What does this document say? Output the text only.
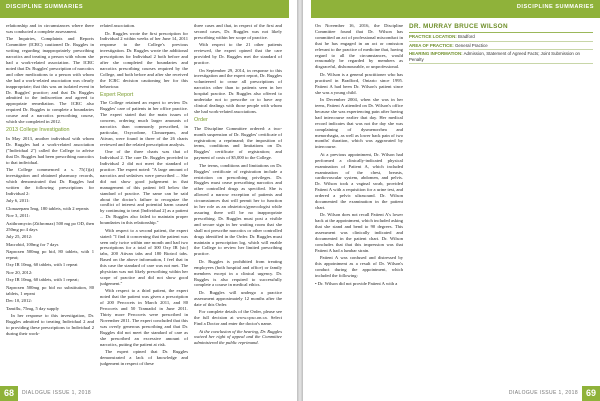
DISCIPLINE SUMMARIES

relationship and in circumstances where there was conducted a complete assessment.

The Inquiries, Complaints and Reports Committee (ICRC) cautioned Dr. Ruggles in writing regarding inappropriately prescribing narcotics and treating a person with whom she had a work-related association. The ICRC noted that Dr. Ruggles' prescription of narcotics and other medications to a person with whom she had a work-related association was clearly inappropriate; that this was an isolated event in Dr. Ruggles' practice; and that Dr. Ruggles admitted to the indiscretion and agreed to appropriate remediation. The ICRC also required Dr. Ruggles to complete a boundaries course and a narcotics prescribing course, which she completed in 2012.

2013 College Investigation

In May 2013, another individual with whom Dr. Ruggles had a work-related association ("Individual 2") called the College to advise that Dr. Ruggles had been prescribing narcotics to that individual.

The College commenced a s. 75(1)(a) investigation and obtained pharmacy records, which demonstrated that Dr. Ruggles had written the following prescriptions for Individual 2:

July 6, 2011:

Clonazepam 5mg, 180 tablets, with 2 repeats

Nov 3, 2011:

Azithromycin (Zithromax) 500 mg po OD, then 250mg po 4 days

July 25, 2012:

Macrobid, 100mg for 7 days

Naproxen 500mg po bid, 80 tablets, with 1 repeat;

Oxy IR 10mg, 60 tablets, with 1 repeat

Nov 20, 2012:

Oxy IR 10mg, 60 tablets, with 1 repeat;

Naproxen 500mg po bid no substitution, 80 tablets, 1 repeat

Dec 10, 2012:

Tamiflu, 75mg, 5 day supply

In her response to this investigation, Dr. Ruggles admitted to treating Individual 2 and to providing these prescriptions to Individual 2 during their work-

related association.

Dr. Ruggles wrote the first prescription for Individual 2 within weeks of her June 14, 2011 response to the College's previous investigation. Dr. Ruggles wrote the additional prescriptions for Individual 2 both before and after she completed the boundaries and narcotics prescribing courses required by the College, and both before and after she received the ICRC decision cautioning her for this behaviour.

Expert Report

The College retained an expert to review Dr. Ruggles' care of patients in her office practice. The expert stated that the main issues of concern, ordering much larger amounts of narcotics than commonly prescribed, in particular, Oxycodone, Clonazepam, and Ativan, were found in three of the 26 charts reviewed and the related prescription analysis.

One of the three charts was that of Individual 2. The care Dr. Ruggles provided to Individual 2 did not meet the standard of practice. The expert noted: "A large amount of narcotics and sedatives were prescribed ... She did not show good judgement in that management of this patient fell below the standard of practice. The same can be said about the doctor's failure to recognize the conflict of interest and potential harm caused by continuing to treat [Individual 2] as a patient ... Dr. Ruggles also failed to maintain proper boundaries in this relationship."

With respect to a second patient, the expert stated: "I find it concerning that the patient was seen only twice within one month and had two prescriptions for a total of 300 Oxy IR [sic] tabs, 200 Ativan tabs and 180 Biotrol tabs. Based on the above information, I feel that in this case the standard of care was not met. The physician was not likely prescribing within her scope of practice and did not show good judgement."

With respect to a third patient, the expert noted that the patient was given a prescription of 200 Percocets in March 2011, and 80 Percocets and 50 Tramadol in June 2011. Thirty more Percocets were prescribed in November 2011. The expert concluded that this was overly generous prescribing and that Dr. Ruggles did not meet the standard of care as she prescribed an excessive amount of narcotics, putting the patient at risk.

The expert opined that Dr. Ruggles demonstrated a lack of knowledge and judgement in respect of these

three cases and that, in respect of the first and second cases, Dr. Ruggles was not likely prescribing within her scope of practice.

With respect to the 21 other patients reviewed, the expert opined that the care provided by Dr. Ruggles met the standard of practice.

On September 29, 2014, in response to this investigation and the expert report, Dr. Ruggles volunteered to cease all prescriptions of narcotics other than to patients seen in her hospital practice. Dr. Ruggles also offered to undertake not to prescribe or to have any clinical dealings with those people with whom she had work-related associations.

Order

The Discipline Committee ordered: a two-month suspension of Dr. Ruggles' certificate of registration; a reprimand; the imposition of terms, conditions and limitations on Dr. Ruggles' certificate of registration; and payment of costs of $5,000 to the College.

The terms, conditions and limitations on Dr. Ruggles' certificate of registration include a restriction on prescribing privileges. Dr. Ruggles must cease prescribing narcotics and other controlled drugs as specified. She is allowed a narrow exception of patients and circumstances that will permit her to function in her role as an obstetrics/gynecologist while assuring there will be no inappropriate prescribing. Dr. Ruggles must post a visible and secure sign in her waiting room that she shall not prescribe narcotics or other controlled drugs identified in the Order. Dr. Ruggles must maintain a prescription log, which will enable the College to review her limited prescribing practice.

Dr. Ruggles is prohibited from treating employees (both hospital and office) or family members except in a clinical urgency. Dr. Ruggles is also required to successfully complete a course in medical ethics.

Dr. Ruggles will undergo a practice assessment approximately 12 months after the date of this Order.

For complete details of the Order, please see the full decision at www.cpso.on.ca. Select Find a Doctor and enter the doctor's name.

At the conclusion of the hearing, Dr. Ruggles waived her right of appeal and the Committee administered the public reprimand.

68	DIALOGUE ISSUE 1, 2018
DISCIPLINE SUMMARIES

On November 16, 2016, the Discipline Committee found that Dr. Wilson has committed an act of professional misconduct in that he has engaged in an act or omission relevant to the practice of medicine that, having regard to all the circumstances, would reasonably be regarded by members as disgraceful, dishonourable, or unprofessional.

Dr. Wilson is a general practitioner who has practised in Bradford, Ontario since 1995. Patient A had been Dr. Wilson's patient since she was a young child.

In December 2004, when she was in her teens, Patient A attended on Dr. Wilson's office because she was experiencing pain after having had intercourse earlier that day. Her medical record indicates that was not the day she was complaining of dysmenorrhea and menorrhagia, as well as lower back pain of two months' duration, which was aggravated by intercourse.

At a previous appointment, Dr. Wilson had performed a clinically-indicated physical examination of Patient A, which included examination of the chest, breasts, cardiovascular system, abdomen, and pelvis. Dr. Wilson took a vaginal swab, provided Patient A with a requisition for a urine test, and ordered a pelvic ultrasound. Dr. Wilson documented the examination in the patient chart.

Dr. Wilson does not recall Patient A's lower back at the appointment, which included asking that she stand and bend to 90 degrees. This assessment was clinically indicated and documented in the patient chart. Dr. Wilson concludes that that this impression was that Patient A had a lumbar strain.

Patient A was confused and distressed by this appointment as a result of Dr. Wilson's conduct during the appointment, which included the following:

• Dr. Wilson did not provide Patient A with a

DR. MURRAY BRUCE WILSON
PRACTICE LOCATION: Bradford
AREA OF PRACTICE: General Practice
HEARING INFORMATION: Admission, Statement of Agreed Facts; Joint Submission on Penalty
DIALOGUE ISSUE 1, 2018 69
